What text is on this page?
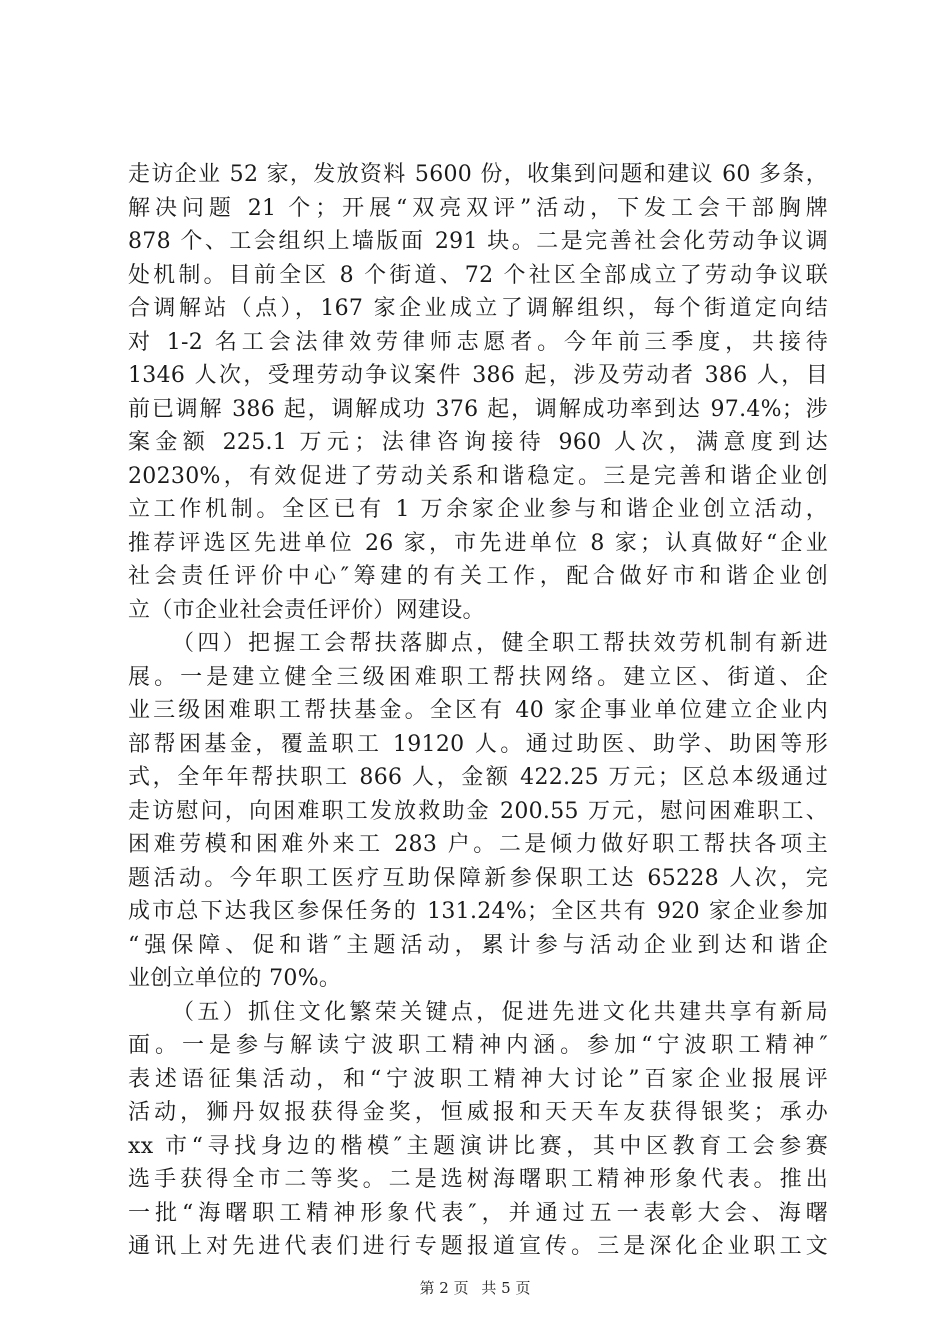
走访企业 52 家，发放资料 5600 份，收集到问题和建议 60 多条，
解决问题 21 个；开展“双亮双评”活动，下发工会干部胸牌
878 个、工会组织上墙版面 291 块。二是完善社会化劳动争议调
处机制。目前全区 8 个街道、72 个社区全部成立了劳动争议联
合调解站（点），167 家企业成立了调解组织，每个街道定向结
对 1-2 名工会法律效劳律师志愿者。今年前三季度，共接待
1346 人次，受理劳动争议案件 386 起，涉及劳动者 386 人，目
前已调解 386 起，调解成功 376 起，调解成功率到达 97.4%；涉
案金额 225.1 万元；法律咨询接待 960 人次，满意度到达
20230%，有效促进了劳动关系和谐稳定。三是完善和谐企业创
立工作机制。全区已有 1 万余家企业参与和谐企业创立活动，
推荐评选区先进单位 26 家，市先进单位 8 家；认真做好“企业
社会责任评价中心″筹建的有关工作，配合做好市和谐企业创
立（市企业社会责任评价）网建设。
（四）把握工会帮扶落脚点，健全职工帮扶效劳机制有新进
展。一是建立健全三级困难职工帮扶网络。建立区、街道、企
业三级困难职工帮扶基金。全区有 40 家企事业单位建立企业内
部帮困基金，覆盖职工 19120 人。通过助医、助学、助困等形
式，全年年帮扶职工 866 人，金额 422.25 万元；区总本级通过
走访慰问，向困难职工发放救助金 200.55 万元，慰问困难职工、
困难劳模和困难外来工 283 户。二是倾力做好职工帮扶各项主
题活动。今年职工医疗互助保障新参保职工达 65228 人次，完
成市总下达我区参保任务的 131.24%；全区共有 920 家企业参加
“强保障、促和谐″主题活动，累计参与活动企业到达和谐企
业创立单位的 70%。
（五）抓住文化繁荣关键点，促进先进文化共建共享有新局
面。一是参与解读宁波职工精神内涵。参加“宁波职工精神″
表述语征集活动，和“宁波职工精神大讨论”百家企业报展评
活动，狮丹奴报获得金奖，恒威报和天天车友获得银奖；承办
xx 市“寻找身边的楷模″主题演讲比赛，其中区教育工会参赛
选手获得全市二等奖。二是选树海曙职工精神形象代表。推出
一批“海曙职工精神形象代表″，并通过五一表彰大会、海曙
通讯上对先进代表们进行专题报道宣传。三是深化企业职工文
第 2 页 共 5 页
